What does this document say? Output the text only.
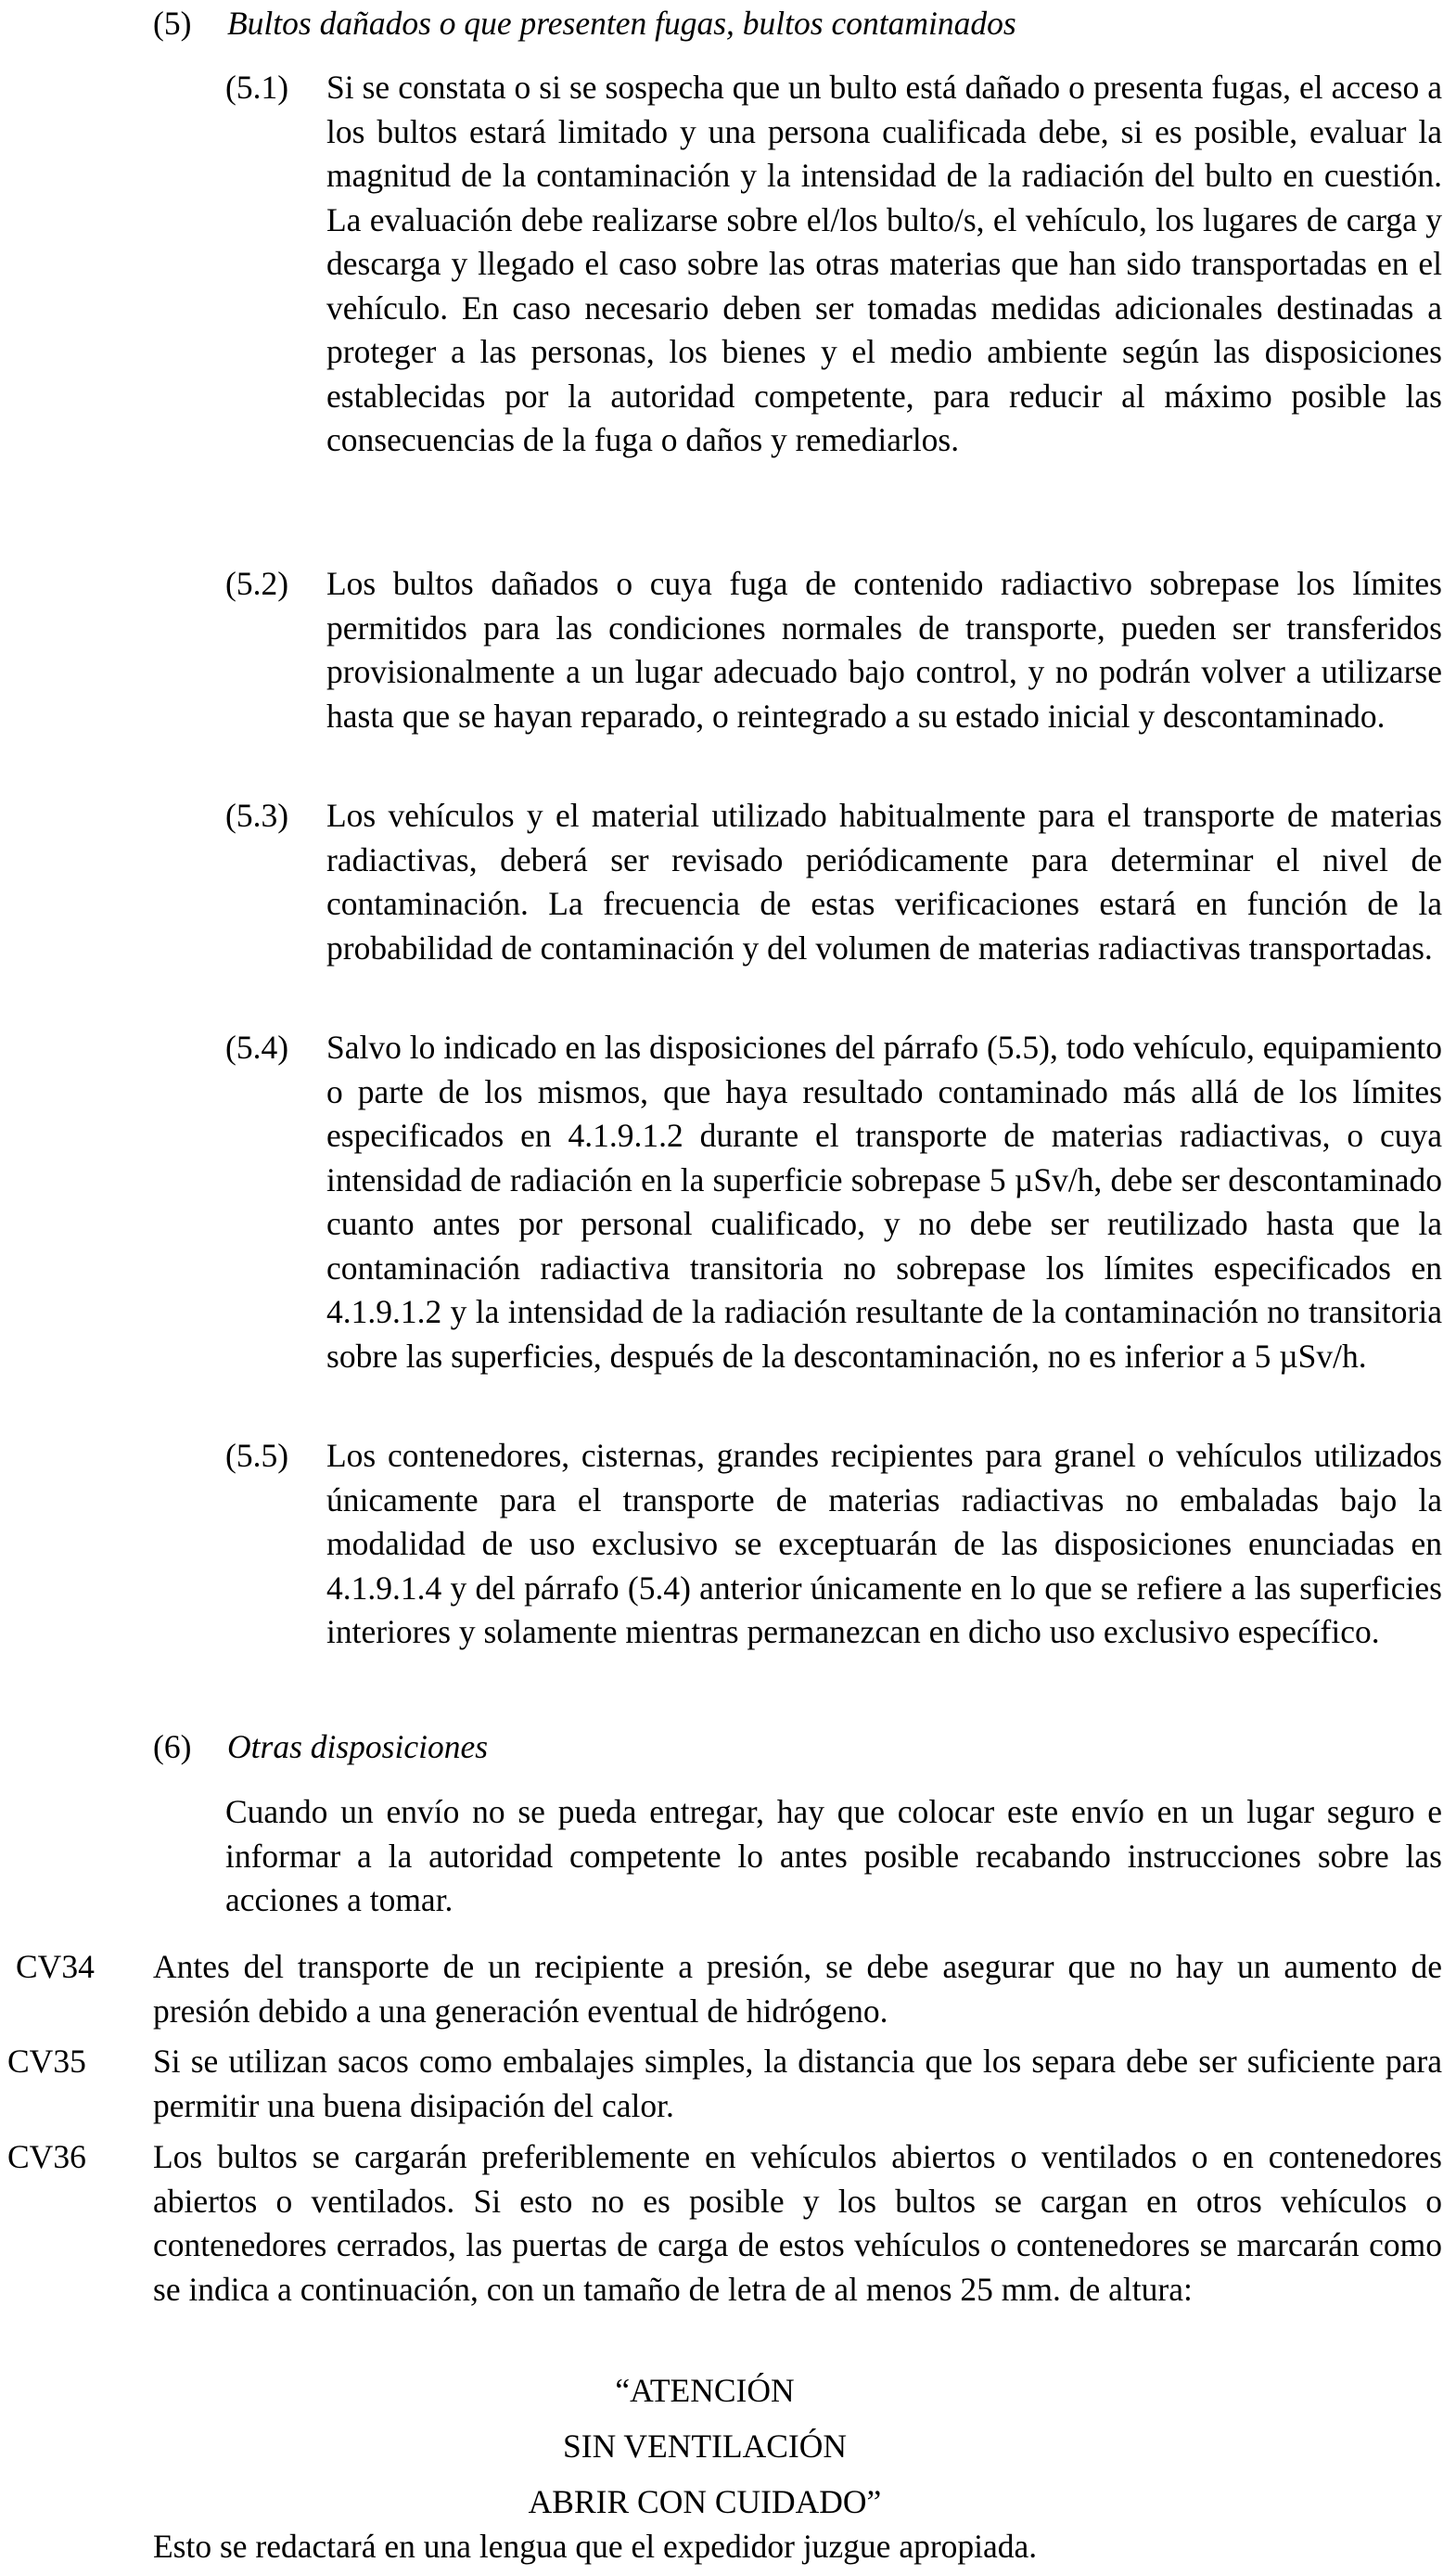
(5) Bultos dañados o que presenten fugas, bultos contaminados
(5.1) Si se constata o si se sospecha que un bulto está dañado o presenta fugas, el acceso a los bultos estará limitado y una persona cualificada debe, si es posible, evaluar la magnitud de la contaminación y la intensidad de la radiación del bulto en cuestión. La evaluación debe realizarse sobre el/los bulto/s, el vehículo, los lugares de carga y descarga y llegado el caso sobre las otras materias que han sido transportadas en el vehículo. En caso necesario deben ser tomadas medidas adicionales destinadas a proteger a las personas, los bienes y el medio ambiente según las disposiciones establecidas por la autoridad competente, para reducir al máximo posible las consecuencias de la fuga o daños y remediarlos.
(5.2) Los bultos dañados o cuya fuga de contenido radiactivo sobrepase los límites permitidos para las condiciones normales de transporte, pueden ser transferidos provisionalmente a un lugar adecuado bajo control, y no podrán volver a utilizarse hasta que se hayan reparado, o reintegrado a su estado inicial y descontaminado.
(5.3) Los vehículos y el material utilizado habitualmente para el transporte de materias radiactivas, deberá ser revisado periódicamente para determinar el nivel de contaminación. La frecuencia de estas verificaciones estará en función de la probabilidad de contaminación y del volumen de materias radiactivas transportadas.
(5.4) Salvo lo indicado en las disposiciones del párrafo (5.5), todo vehículo, equipamiento o parte de los mismos, que haya resultado contaminado más allá de los límites especificados en 4.1.9.1.2 durante el transporte de materias radiactivas, o cuya intensidad de radiación en la superficie sobrepase 5 µSv/h, debe ser descontaminado cuanto antes por personal cualificado, y no debe ser reutilizado hasta que la contaminación radiactiva transitoria no sobrepase los límites especificados en 4.1.9.1.2 y la intensidad de la radiación resultante de la contaminación no transitoria sobre las superficies, después de la descontaminación, no es inferior a 5 µSv/h.
(5.5) Los contenedores, cisternas, grandes recipientes para granel o vehículos utilizados únicamente para el transporte de materias radiactivas no embaladas bajo la modalidad de uso exclusivo se exceptuarán de las disposiciones enunciadas en 4.1.9.1.4 y del párrafo (5.4) anterior únicamente en lo que se refiere a las superficies interiores y solamente mientras permanezcan en dicho uso exclusivo específico.
(6) Otras disposiciones
Cuando un envío no se pueda entregar, hay que colocar este envío en un lugar seguro e informar a la autoridad competente lo antes posible recabando instrucciones sobre las acciones a tomar.
CV34 Antes del transporte de un recipiente a presión, se debe asegurar que no hay un aumento de presión debido a una generación eventual de hidrógeno.
CV35 Si se utilizan sacos como embalajes simples, la distancia que los separa debe ser suficiente para permitir una buena disipación del calor.
CV36 Los bultos se cargarán preferiblemente en vehículos abiertos o ventilados o en contenedores abiertos o ventilados. Si esto no es posible y los bultos se cargan en otros vehículos o contenedores cerrados, las puertas de carga de estos vehículos o contenedores se marcarán como se indica a continuación, con un tamaño de letra de al menos 25 mm. de altura:
“ATENCIÓN
SIN VENTILACIÓN
ABRIR CON CUIDADO”
Esto se redactará en una lengua que el expedidor juzgue apropiada.
